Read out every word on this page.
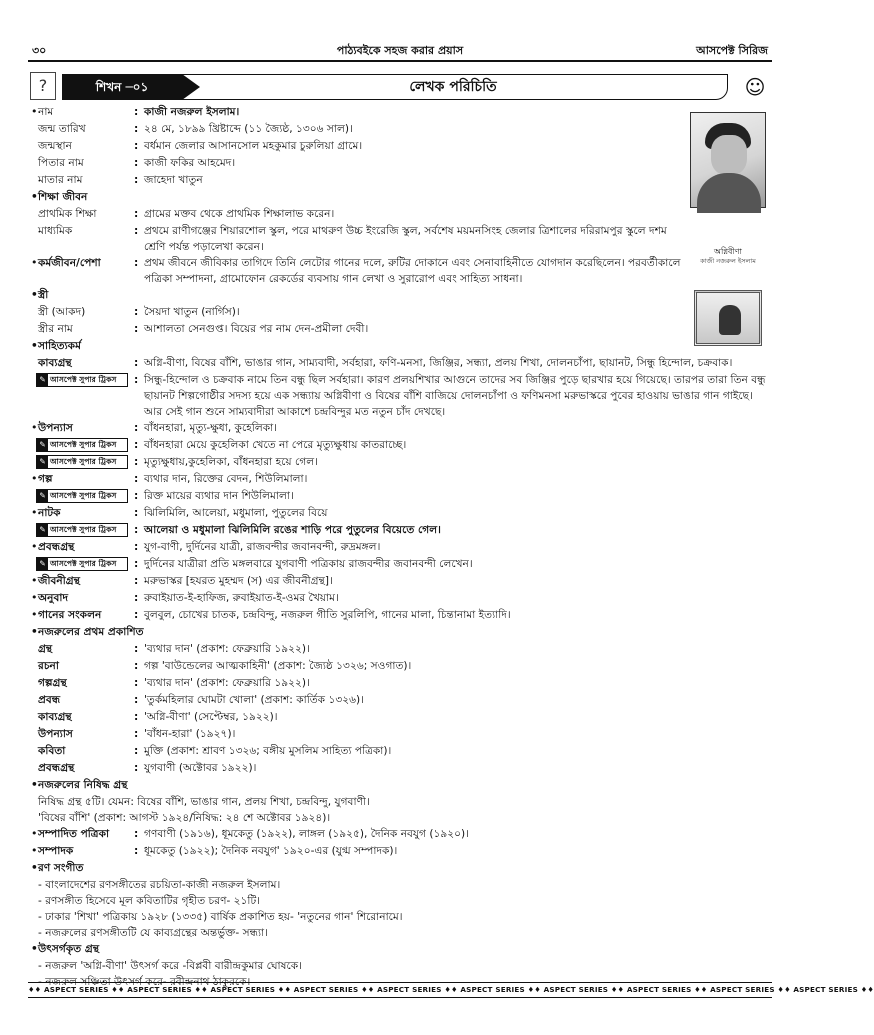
৩০	পাঠ্যবইকে সহজ করার প্রয়াস	আসপেক্ট সিরিজ
?	শিখন ─০১	লেখক পরিচিতি	☺
অগ্নিবীণা
কাজী নজরুল ইসলাম
• নাম	: কাজী নজরুল ইসলাম।
জন্ম তারিখ	: ২৪ মে, ১৮৯৯ খ্রিষ্টাব্দে (১১ জ্যৈষ্ঠ, ১৩০৬ সাল)।
জন্মস্থান	: বর্ধমান জেলার আসানসোল মহকুমার চুরুলিয়া গ্রামে।
পিতার নাম	: কাজী ফকির আহমেদ।
মাতার নাম	: জাহেদা খাতুন
• শিক্ষা জীবন
প্রাথমিক শিক্ষা	: গ্রামের মক্তব থেকে প্রাথমিক শিক্ষালাভ করেন।
মাধ্যমিক	: প্রথমে রাণীগঞ্জের শিয়ারশোল স্কুল, পরে মাথরুণ উচ্চ ইংরেজি স্কুল, সর্বশেষ ময়মনসিংহ জেলার ত্রিশালের দরিরামপুর স্কুলে দশম শ্রেণি পর্যন্ত পড়ালেখা করেন।
• কর্মজীবন/পেশা	: প্রথম জীবনে জীবিকার তাগিদে তিনি লেটোর গানের দলে, রুটির দোকানে এবং সেনাবাহিনীতে যোগদান করেছিলেন। পরবর্তীকালে পত্রিকা সম্পাদনা, গ্রামোফোন রেকর্ডের ব্যবসায় গান লেখা ও সুরারোপ এবং সাহিত্য সাধনা।
• স্ত্রী
স্ত্রী (আকদ)	: সৈয়দা খাতুন (নার্গিস)।
স্ত্রীর নাম	: আশালতা সেনগুপ্ত। বিয়ের পর নাম দেন-প্রমীলা দেবী।
• সাহিত্যকর্ম
কাব্যগ্রন্থ	: অগ্নি-বীণা, বিষের বাঁশি, ভাঙার গান, সাম্যবাদী, সর্বহারা, ফণি-মনসা, জিঞ্জির, সন্ধ্যা, প্রলয় শিখা, দোলনচাঁপা, ছায়ানট, সিন্ধু হিন্দোল, চক্রবাক।
✎ আসপেক্ট সুপার ট্রিকস	: সিন্ধু-হিন্দোল ও চক্রবাক নামে তিন বন্ধু ছিল সর্বহারা। কারণ প্রলয়শিখার আগুনে তাদের সব জিঞ্জির পুড়ে ছারখার হয়ে গিয়েছে। তারপর তারা তিন বন্ধু ছায়ানট শিল্পগোষ্ঠীর সদস্য হয়ে এক সন্ধ্যায় অগ্নিবীণা ও বিষের বাঁশি বাজিয়ে দোলনচাঁপা ও ফণিমনসা মরুভাস্করে পুবের হাওয়ায় ভাঙার গান গাইছে। আর সেই গান শুনে সাম্যবাদীরা আকাশে চন্দ্রবিন্দুর মত নতুন চাঁদ দেখছে।
• উপন্যাস	: বাঁধনহারা, মৃত্যু-ক্ষুধা, কুহেলিকা।
✎ আসপেক্ট সুপার ট্রিকস	: বাঁধনহারা মেয়ে কুহেলিকা খেতে না পেরে মৃত্যুক্ষুধায় কাতরাচ্ছে।
✎ আসপেক্ট সুপার ট্রিকস	: মৃত্যুক্ষুধায়,কুহেলিকা, বাঁধনহারা হয়ে গেল।
• গল্প	: ব্যথার দান, রিক্তের বেদন, শিউলিমালা।
✎ আসপেক্ট সুপার ট্রিকস	: রিক্ত মায়ের ব্যথার দান শিউলিমালা।
• নাটক	: ঝিলিমিলি, আলেয়া, মধুমালা, পুতুলের বিয়ে
✎ আসপেক্ট সুপার ট্রিকস	: আলেয়া ও মধুমালা ঝিলিমিলি রঙের শাড়ি পরে পুতুলের বিয়েতে গেল।
• প্রবন্ধগ্রন্থ	: যুগ-বাণী, দুর্দিনের যাত্রী, রাজবন্দীর জবানবন্দী, রুদ্রমঙ্গল।
✎ আসপেক্ট সুপার ট্রিকস	: দুর্দিনের যাত্রীরা প্রতি মঙ্গলবারে যুগবাণী পত্রিকায় রাজবন্দীর জবানবন্দী লেখেন।
• জীবনীগ্রন্থ	: মরুভাস্কর [হযরত মুহম্মদ (স) এর জীবনীগ্রন্থ]।
• অনুবাদ	: রুবাইয়াত-ই-হাফিজ, রুবাইয়াত-ই-ওমর খৈয়াম।
• গানের সংকলন	: বুলবুল, চোখের চাতক, চন্দ্রবিন্দু, নজরুল গীতি সুরলিপি, গানের মালা, চিন্তানামা ইত্যাদি।
• নজরুলের প্রথম প্রকাশিত
গ্রন্থ	: 'ব্যথার দান' (প্রকাশ: ফেব্রুয়ারি ১৯২২)।
রচনা	: গল্প 'বাউন্ডেলের আত্মকাহিনী' (প্রকাশ: জ্যৈষ্ঠ ১৩২৬; সওগাত)।
গল্পগ্রন্থ	: 'ব্যথার দান' (প্রকাশ: ফেব্রুয়ারি ১৯২২)।
প্রবন্ধ	: 'তুর্কমহিলার ঘোমটা খোলা' (প্রকাশ: কার্তিক ১৩২৬)।
কাব্যগ্রন্থ	: 'অগ্নি-বীণা' (সেপ্টেম্বর, ১৯২২)।
উপন্যাস	: 'বাঁধন-হারা' (১৯২৭)।
কবিতা	: মুক্তি (প্রকাশ: শ্রাবণ ১৩২৬; বঙ্গীয় মুসলিম সাহিত্য পত্রিকা)।
প্রবন্ধগ্রন্থ	: যুগবাণী (অক্টোবর ১৯২২)।
• নজরুলের নিষিদ্ধ গ্রন্থ
নিষিদ্ধ গ্রন্থ ৫টি। যেমন: বিষের বাঁশি, ভাঙার গান, প্রলয় শিখা, চন্দ্রবিন্দু, যুগবাণী।
'বিষের বাঁশি' (প্রকাশ: আগস্ট ১৯২৪/নিষিদ্ধ: ২৪ শে অক্টোবর ১৯২৪)।
• সম্পাদিত পত্রিকা	: গণবাণী (১৯১৬), ধূমকেতু (১৯২২), লাঙ্গল (১৯২৫), দৈনিক নবযুগ (১৯২০)।
• সম্পাদক	: ধূমকেতু (১৯২২); দৈনিক নবযুগ' ১৯২০-এর (যুগ্ম সম্পাদক)।
• রণ সংগীত
- বাংলাদেশের রণসঙ্গীতের রচয়িতা-কাজী নজরুল ইসলাম।
- রণসঙ্গীত হিসেবে মূল কবিতাটির গৃহীত চরণ- ২১টি।
- ঢাকার 'শিখা' পত্রিকায় ১৯২৮ (১৩৩৫) বার্ষিক প্রকাশিত হয়- 'নতুনের গান' শিরোনামে।
- নজরুলের রণসঙ্গীতটি যে কাব্যগ্রন্থের অন্তর্ভুক্ত- সন্ধ্যা।
• উৎসর্গকৃত গ্রন্থ
- নজরুল 'অগ্নি-বীণা' উৎসর্গ করে -বিপ্লবী বারীন্দ্রকুমার ঘোষকে।
- নজরুল সঞ্চিতা উৎসর্গ করে- রবীন্দ্রনাথ ঠাকুরকে।
♦♦ ASPECT SERIES ♦♦ ASPECT SERIES ♦♦ ASPECT SERIES ♦♦ ASPECT SERIES ♦♦ ASPECT SERIES ♦♦ ASPECT SERIES ♦♦ ASPECT SERIES ♦♦ ASPECT SERIES ♦♦ ASPECT SERIES ♦♦ ASPECT SERIES ♦♦
